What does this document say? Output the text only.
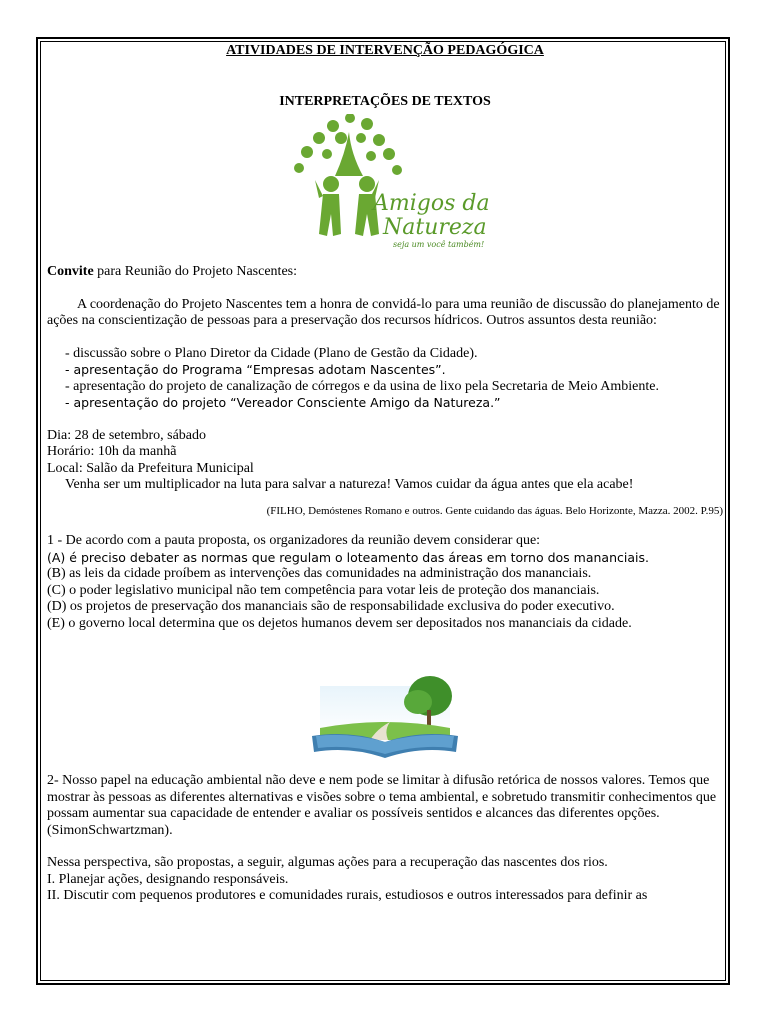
ATIVIDADES DE INTERVENÇÃO PEDAGÓGICA
INTERPRETAÇÕES DE TEXTOS
Amigos da
Natureza
seja um você também!

Convite para Reunião do Projeto Nascentes:

A coordenação do Projeto Nascentes tem a honra de convidá-lo para uma reunião de discussão do planejamento de ações na conscientização de pessoas para a preservação dos recursos hídricos. Outros assuntos desta reunião:

- discussão sobre o Plano Diretor da Cidade (Plano de Gestão da Cidade).

- apresentação do Programa “Empresas adotam Nascentes”.

- apresentação do projeto de canalização de córregos e da usina de lixo pela Secretaria de Meio Ambiente.

- apresentação do projeto “Vereador Consciente Amigo da Natureza.”

Dia: 28 de setembro, sábado

Horário: 10h da manhã

Local: Salão da Prefeitura Municipal

Venha ser um multiplicador na luta para salvar a natureza! Vamos cuidar da água antes que ela acabe!

(FILHO, Demóstenes Romano e outros. Gente cuidando das águas. Belo Horizonte, Mazza. 2002. P.95)

1 - De acordo com a pauta proposta, os organizadores da reunião devem considerar que:

(A) é preciso debater as normas que regulam o loteamento das áreas em torno dos mananciais.

(B) as leis da cidade proíbem as intervenções das comunidades na administração dos mananciais.

(C) o poder legislativo municipal não tem competência para votar leis de proteção dos mananciais.

(D) os projetos de preservação dos mananciais são de responsabilidade exclusiva do poder executivo.

(E) o governo local determina que os dejetos humanos devem ser depositados nos mananciais da cidade.

2- Nosso papel na educação ambiental não deve e nem pode se limitar à difusão retórica de nossos valores. Temos que mostrar às pessoas as diferentes alternativas e visões sobre o tema ambiental, e sobretudo transmitir conhecimentos que possam aumentar sua capacidade de entender e avaliar os possíveis sentidos e alcances das diferentes opções.

(SimonSchwartzman).

Nessa perspectiva, são propostas, a seguir, algumas ações para a recuperação das nascentes dos rios.

I. Planejar ações, designando responsáveis.

II. Discutir com pequenos produtores e comunidades rurais, estudiosos e outros interessados para definir as
